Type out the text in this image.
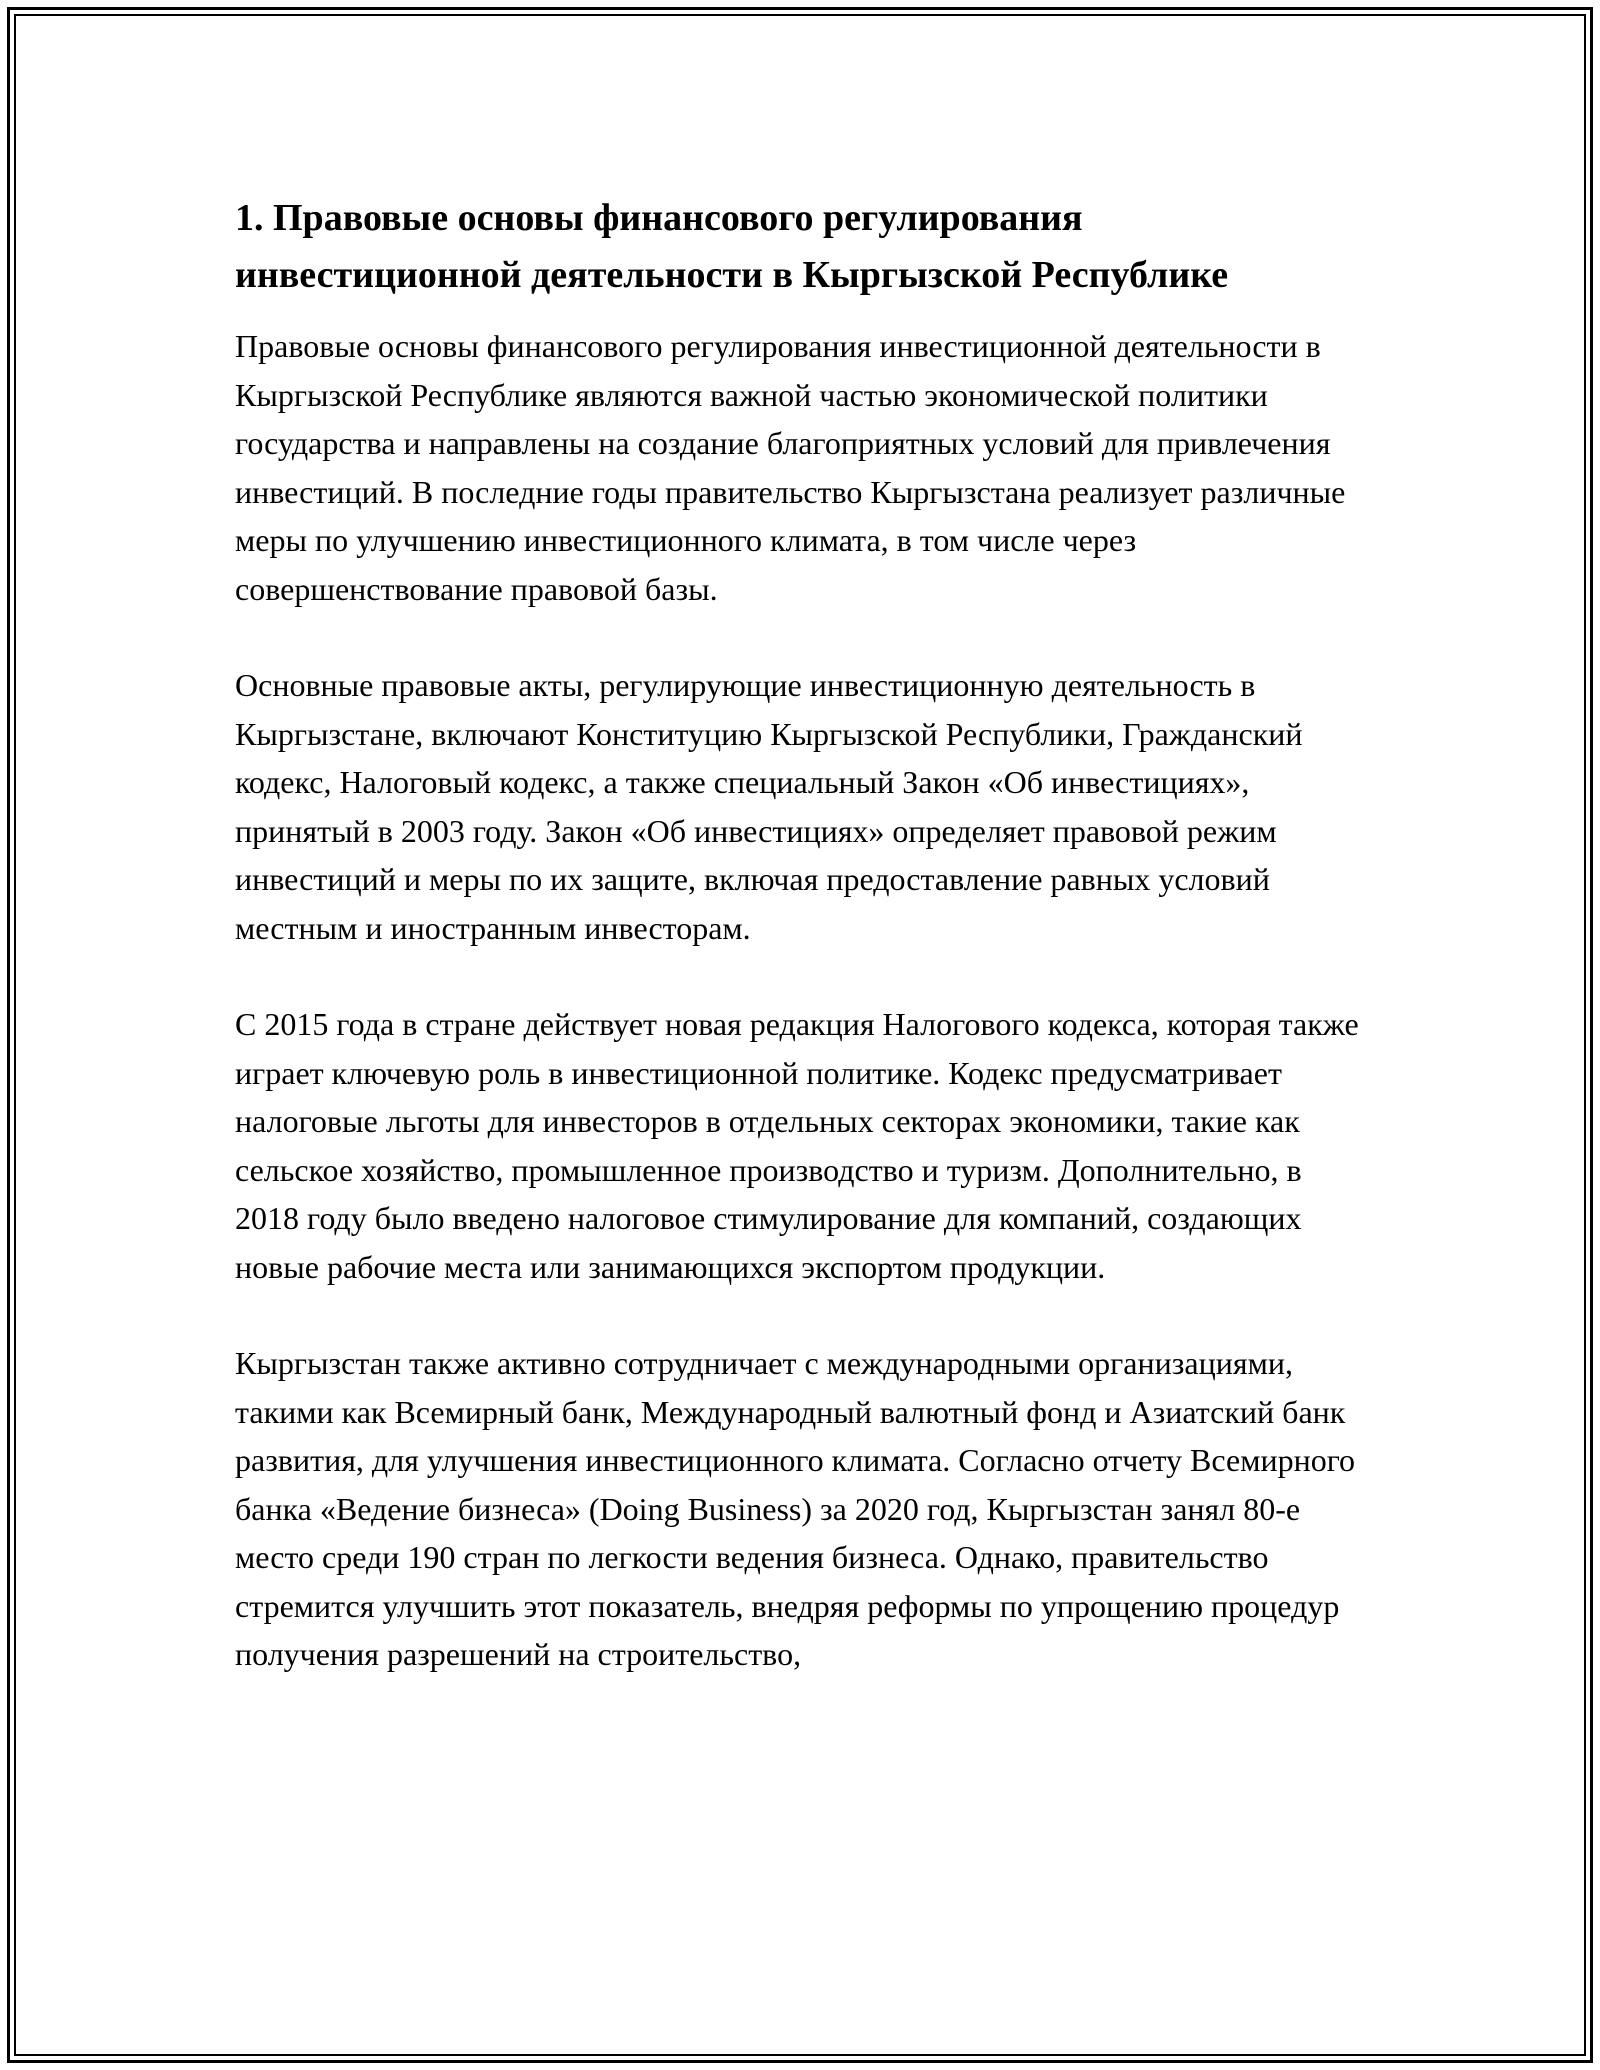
1. Правовые основы финансового регулирования инвестиционной деятельности в Кыргызской Республике

Правовые основы финансового регулирования инвестиционной деятельности в Кыргызской Республике являются важной частью экономической политики государства и направлены на создание благоприятных условий для привлечения инвестиций. В последние годы правительство Кыргызстана реализует различные меры по улучшению инвестиционного климата, в том числе через совершенствование правовой базы.

Основные правовые акты, регулирующие инвестиционную деятельность в Кыргызстане, включают Конституцию Кыргызской Республики, Гражданский кодекс, Налоговый кодекс, а также специальный Закон «Об инвестициях», принятый в 2003 году. Закон «Об инвестициях» определяет правовой режим инвестиций и меры по их защите, включая предоставление равных условий местным и иностранным инвесторам.

С 2015 года в стране действует новая редакция Налогового кодекса, которая также играет ключевую роль в инвестиционной политике. Кодекс предусматривает налоговые льготы для инвесторов в отдельных секторах экономики, такие как сельское хозяйство, промышленное производство и туризм. Дополнительно, в 2018 году было введено налоговое стимулирование для компаний, создающих новые рабочие места или занимающихся экспортом продукции.

Кыргызстан также активно сотрудничает с международными организациями, такими как Всемирный банк, Международный валютный фонд и Азиатский банк развития, для улучшения инвестиционного климата. Согласно отчету Всемирного банка «Ведение бизнеса» (Doing Business) за 2020 год, Кыргызстан занял 80-е место среди 190 стран по легкости ведения бизнеса. Однако, правительство стремится улучшить этот показатель, внедряя реформы по упрощению процедур получения разрешений на строительство,
